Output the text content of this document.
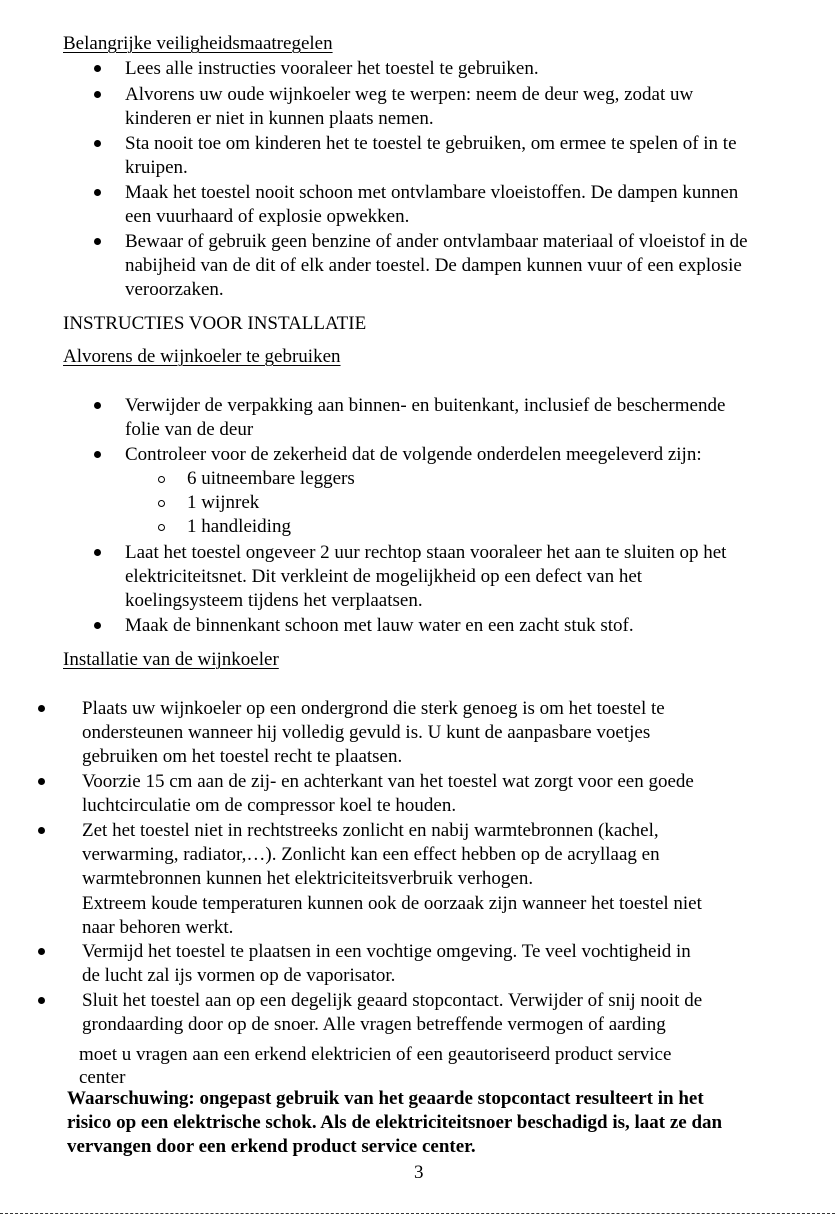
Belangrijke veiligheidsmaatregelen
Lees alle instructies vooraleer het toestel te gebruiken.
Alvorens uw oude wijnkoeler weg te werpen: neem de deur weg, zodat uw
kinderen er niet in kunnen plaats nemen.
Sta nooit toe om kinderen het te toestel te gebruiken, om ermee te spelen of in te
kruipen.
Maak het toestel nooit schoon met ontvlambare vloeistoffen. De dampen kunnen
een vuurhaard of explosie opwekken.
Bewaar of gebruik geen benzine of ander ontvlambaar materiaal of vloeistof in de
nabijheid van de dit of elk ander toestel. De dampen kunnen vuur of een explosie
veroorzaken.
INSTRUCTIES VOOR INSTALLATIE
Alvorens de wijnkoeler te gebruiken
Verwijder de verpakking aan binnen- en buitenkant, inclusief de beschermende
folie van de deur
Controleer voor de zekerheid dat de volgende onderdelen meegeleverd zijn:
6 uitneembare leggers
1 wijnrek
1 handleiding
Laat het toestel ongeveer 2 uur rechtop staan vooraleer het aan te sluiten op het
elektriciteitsnet. Dit verkleint de mogelijkheid op een defect van het
koelingsysteem tijdens het verplaatsen.
Maak de binnenkant schoon met lauw water en een zacht stuk stof.
Installatie van de wijnkoeler
Plaats uw wijnkoeler op een ondergrond die sterk genoeg is om het toestel te
ondersteunen wanneer hij volledig gevuld is. U kunt de aanpasbare voetjes
gebruiken om het toestel recht te plaatsen.
Voorzie 15 cm aan de zij- en achterkant van het toestel wat zorgt voor een goede
luchtcirculatie om de compressor koel te houden.
Zet het toestel niet in rechtstreeks zonlicht en nabij warmtebronnen (kachel,
verwarming, radiator,…). Zonlicht kan een effect hebben op de acryllaag en
warmtebronnen kunnen het elektriciteitsverbruik verhogen.
Extreem koude temperaturen kunnen ook de oorzaak zijn wanneer het toestel niet
naar behoren werkt.
Vermijd het toestel te plaatsen in een vochtige omgeving. Te veel vochtigheid in
de lucht zal ijs vormen op de vaporisator.
Sluit het toestel aan op een degelijk geaard stopcontact. Verwijder of snij nooit de
grondaarding door op de snoer. Alle vragen betreffende vermogen of aarding
moet u vragen aan een erkend elektricien of een geautoriseerd product service
center
Waarschuwing: ongepast gebruik van het geaarde stopcontact resulteert in het
risico op een elektrische schok. Als de elektriciteitsnoer beschadigd is, laat ze dan
vervangen door een erkend product service center.
3
